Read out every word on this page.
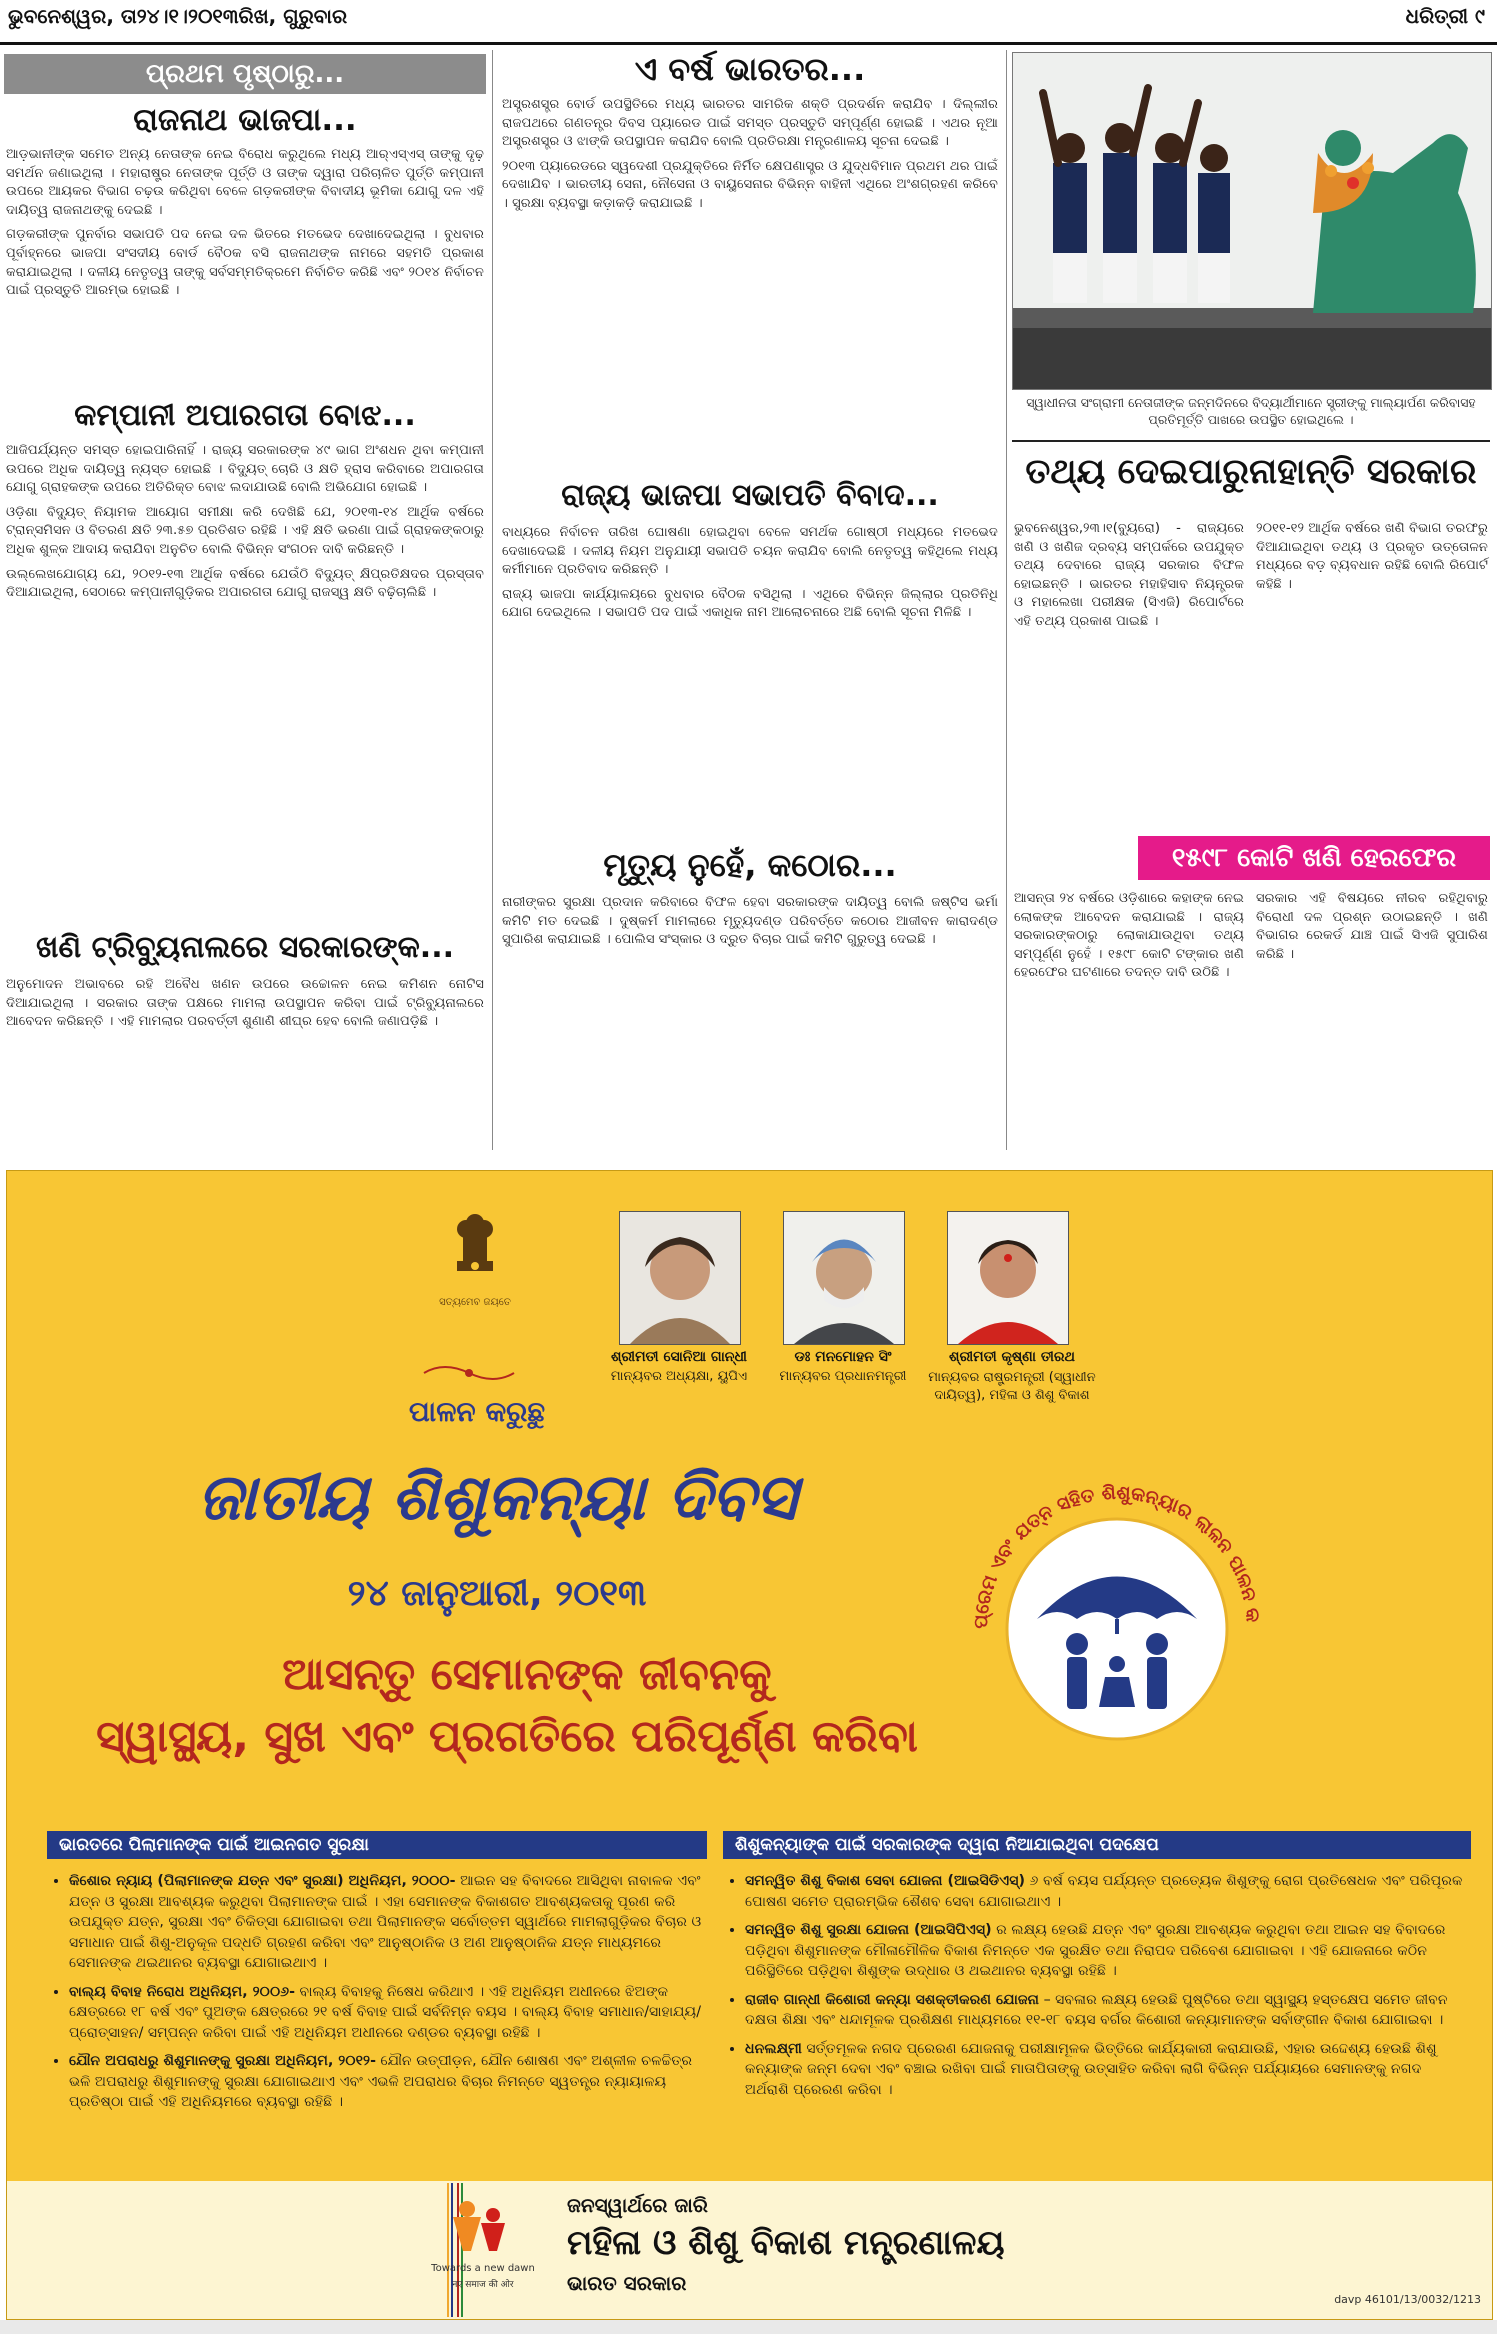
ଭୁବନେଶ୍ୱର, ତା୨୪।୧।୨୦୧୩ରିଖ, ଗୁରୁବାର	ଧରିତ୍ରୀ ୯
ପ୍ରଥମ ପୃଷ୍ଠାରୁ...
ରାଜନାଥ ଭାଜପା...

ଆଡ଼ଭାନୀଙ୍କ ସମେତ ଅନ୍ୟ ନେତାଙ୍କ ନେଇ ବିରୋଧ କରୁଥିଲେ ମଧ୍ୟ ଆର୍‌ଏସ୍‌ଏସ୍ ତାଙ୍କୁ ଦୃଢ଼ ସମର୍ଥନ ଜଣାଇଥିଲା । ମହାରାଷ୍ଟ୍ର ନେତାଙ୍କ ପୂର୍ତ୍ତି ଓ ତାଙ୍କ ଦ୍ୱାରା ପରିଚାଳିତ ପୁର୍ତ୍ତି କମ୍ପାନୀ ଉପରେ ଆୟକର ବିଭାଗ ଚଢ଼ଉ କରିଥିବା ବେଳେ ଗଡ଼କରୀଙ୍କ ବିବାଦୀୟ ଭୂମିକା ଯୋଗୁ ଦଳ ଏହି ଦାୟିତ୍ୱ ରାଜନାଥଙ୍କୁ ଦେଇଛି ।

ଗଡ଼କରୀଙ୍କ ପୁନର୍ବାର ସଭାପତି ପଦ ନେଇ ଦଳ ଭିତରେ ମତଭେଦ ଦେଖାଦେଇଥିଲା । ବୁଧବାର ପୂର୍ବାହ୍ନରେ ଭାଜପା ସଂସଦୀୟ ବୋର୍ଡ ବୈଠକ ବସି ରାଜନାଥଙ୍କ ନାମରେ ସହମତି ପ୍ରକାଶ କରାଯାଇଥିଲା । ଦଳୀୟ ନେତୃତ୍ୱ ତାଙ୍କୁ ସର୍ବସମ୍ମତିକ୍ରମେ ନିର୍ବାଚିତ କରିଛି ଏବଂ ୨୦୧୪ ନିର୍ବାଚନ ପାଇଁ ପ୍ରସ୍ତୁତି ଆରମ୍ଭ ହୋଇଛି ।

କମ୍ପାନୀ ଅପାରଗତା ବୋଝ...

ଆଜିପର୍ଯ୍ୟନ୍ତ ସମସ୍ତ ହୋଇପାରିନାହିଁ । ରାଜ୍ୟ ସରକାରଙ୍କ ୪୯ ଭାଗ ଅଂଶଧନ ଥିବା କମ୍ପାନୀ ଉପରେ ଅଧିକ ଦାୟିତ୍ୱ ନ୍ୟସ୍ତ ହୋଇଛି । ବିଦ୍ୟୁତ୍ ଚୋରି ଓ କ୍ଷତି ହ୍ରାସ କରିବାରେ ଅପାରଗତା ଯୋଗୁ ଗ୍ରାହକଙ୍କ ଉପରେ ଅତିରିକ୍ତ ବୋଝ ଲଦାଯାଉଛି ବୋଲି ଅଭିଯୋଗ ହୋଇଛି ।

ଓଡ଼ିଶା ବିଦ୍ୟୁତ୍ ନିୟାମକ ଆୟୋଗ ସମୀକ୍ଷା କରି ଦେଖିଛି ଯେ, ୨୦୧୩-୧୪ ଆର୍ଥିକ ବର୍ଷରେ ଟ୍ରାନ୍ସମିସନ ଓ ବିତରଣ କ୍ଷତି ୨୩.୫୭ ପ୍ରତିଶତ ରହିଛି । ଏହି କ୍ଷତି ଭରଣା ପାଇଁ ଗ୍ରାହକଙ୍କଠାରୁ ଅଧିକ ଶୁଳ୍କ ଆଦାୟ କରାଯିବା ଅନୁଚିତ ବୋଲି ବିଭିନ୍ନ ସଂଗଠନ ଦାବି କରିଛନ୍ତି ।

ଉଲ୍ଲେଖଯୋଗ୍ୟ ଯେ, ୨୦୧୨-୧୩ ଆର୍ଥିକ ବର୍ଷରେ ଯେଉଁଠି ବିଦ୍ୟୁତ୍ କ୍ଷିପ୍ରତିକ୍ଷଦର ପ୍ରସ୍ତାବ ଦିଆଯାଇଥିଲା, ସେଠାରେ କମ୍ପାନୀଗୁଡ଼ିକର ଅପାରଗତା ଯୋଗୁ ରାଜସ୍ୱ କ୍ଷତି ବଢ଼ିଚାଲିଛି ।

ଖଣି ଟ୍ରିବ୍ୟୁନାଲରେ ସରକାରଙ୍କ...

ଅନୁମୋଦନ ଅଭାବରେ ରହି ଅବୈଧ ଖଣନ ଉପରେ ଉଚ୍ଚୋଳନ ନେଇ କମିଶନ ନୋଟିସ ଦିଆଯାଇଥିଲା । ସରକାର ତାଙ୍କ ପକ୍ଷରେ ମାମଲା ଉପସ୍ଥାପନ କରିବା ପାଇଁ ଟ୍ରିବ୍ୟୁନାଲରେ ଆବେଦନ କରିଛନ୍ତି । ଏହି ମାମଲାର ପରବର୍ତ୍ତୀ ଶୁଣାଣି ଶୀଘ୍ର ହେବ ବୋଲି ଜଣାପଡ଼ିଛି ।

ଏ ବର୍ଷ ଭାରତର...

ଅସ୍ତ୍ରଶସ୍ତ୍ର ବୋର୍ଡ ଉପସ୍ଥିତିରେ ମଧ୍ୟ ଭାରତର ସାମରିକ ଶକ୍ତି ପ୍ରଦର୍ଶନ କରାଯିବ । ଦିଲ୍ଲୀର ରାଜପଥରେ ଗଣତନ୍ତ୍ର ଦିବସ ପ୍ୟାରେଡ ପାଇଁ ସମସ୍ତ ପ୍ରସ୍ତୁତି ସମ୍ପୂର୍ଣ୍ଣ ହୋଇଛି । ଏଥର ନୂଆ ଅସ୍ତ୍ରଶସ୍ତ୍ର ଓ ଝାଙ୍କି ଉପସ୍ଥାପନ କରାଯିବ ବୋଲି ପ୍ରତିରକ୍ଷା ମନ୍ତ୍ରଣାଳୟ ସୂଚନା ଦେଇଛି ।

୨୦୧୩ ପ୍ୟାରେଡରେ ସ୍ୱଦେଶୀ ପ୍ରଯୁକ୍ତିରେ ନିର୍ମିତ କ୍ଷେପଣାସ୍ତ୍ର ଓ ଯୁଦ୍ଧବିମାନ ପ୍ରଥମ ଥର ପାଇଁ ଦେଖାଯିବ । ଭାରତୀୟ ସେନା, ନୌସେନା ଓ ବାୟୁସେନାର ବିଭିନ୍ନ ବାହିନୀ ଏଥିରେ ଅଂଶଗ୍ରହଣ କରିବେ । ସୁରକ୍ଷା ବ୍ୟବସ୍ଥା କଡ଼ାକଡ଼ି କରାଯାଇଛି ।

ରାଜ୍ୟ ଭାଜପା ସଭାପତି ବିବାଦ...

ବାଧ୍ୟରେ ନିର୍ବାଚନ ତାରିଖ ଘୋଷଣା ହୋଇଥିବା ବେଳେ ସମର୍ଥକ ଗୋଷ୍ଠୀ ମଧ୍ୟରେ ମତଭେଦ ଦେଖାଦେଇଛି । ଦଳୀୟ ନିୟମ ଅନୁଯାୟୀ ସଭାପତି ଚୟନ କରାଯିବ ବୋଲି ନେତୃତ୍ୱ କହିଥିଲେ ମଧ୍ୟ କର୍ମୀମାନେ ପ୍ରତିବାଦ କରିଛନ୍ତି ।

ରାଜ୍ୟ ଭାଜପା କାର୍ଯ୍ୟାଳୟରେ ବୁଧବାର ବୈଠକ ବସିଥିଲା । ଏଥିରେ ବିଭିନ୍ନ ଜିଲ୍ଲାର ପ୍ରତିନିଧି ଯୋଗ ଦେଇଥିଲେ । ସଭାପତି ପଦ ପାଇଁ ଏକାଧିକ ନାମ ଆଲୋଚନାରେ ଅଛି ବୋଲି ସୂଚନା ମିଳିଛି ।

ମୃତ୍ୟୁ ନୁହେଁ, କଠୋର...

ନାରୀଙ୍କର ସୁରକ୍ଷା ପ୍ରଦାନ କରିବାରେ ବିଫଳ ହେବା ସରକାରଙ୍କ ଦାୟିତ୍ୱ ବୋଲି ଜଷ୍ଟିସ ଭର୍ମା କମିଟି ମତ ଦେଇଛି । ଦୁଷ୍କର୍ମ ମାମଲାରେ ମୃତ୍ୟୁଦଣ୍ଡ ପରିବର୍ତ୍ତେ କଠୋର ଆଜୀବନ କାରାଦଣ୍ଡ ସୁପାରିଶ କରାଯାଇଛି । ପୋଲିସ ସଂସ୍କାର ଓ ଦ୍ରୁତ ବିଚାର ପାଇଁ କମିଟି ଗୁରୁତ୍ୱ ଦେଇଛି ।

ସ୍ୱାଧୀନତା ସଂଗ୍ରାମୀ ନେତାଜୀଙ୍କ ଜନ୍ମଦିନରେ ବିଦ୍ୟାର୍ଥୀମାନେ ସ୍ତ୍ରୀଙ୍କୁ ମାଲ୍ୟାର୍ପଣ କରିବାସହ ପ୍ରତିମୂର୍ତ୍ତି ପାଖରେ ଉପସ୍ଥିତ ହୋଇଥିଲେ ।
ତଥ୍ୟ ଦେଇପାରୁନାହାନ୍ତି ସରକାର

ଭୁବନେଶ୍ୱର,୨୩।୧(ବ୍ୟୁରୋ) - ରାଜ୍ୟରେ ଖଣି ଓ ଖଣିଜ ଦ୍ରବ୍ୟ ସମ୍ପର୍କରେ ଉପଯୁକ୍ତ ତଥ୍ୟ ଦେବାରେ ରାଜ୍ୟ ସରକାର ବିଫଳ ହୋଇଛନ୍ତି । ଭାରତର ମହାହିସାବ ନିୟନ୍ତ୍ରକ ଓ ମହାଲେଖା ପରୀକ୍ଷକ (ସିଏଜି) ରିପୋର୍ଟରେ ଏହି ତଥ୍ୟ ପ୍ରକାଶ ପାଇଛି ।

୨୦୧୧-୧୨ ଆର୍ଥିକ ବର୍ଷରେ ଖଣି ବିଭାଗ ତରଫରୁ ଦିଆଯାଇଥିବା ତଥ୍ୟ ଓ ପ୍ରକୃତ ଉତ୍ତୋଳନ ମଧ୍ୟରେ ବଡ଼ ବ୍ୟବଧାନ ରହିଛି ବୋଲି ରିପୋର୍ଟ କହିଛି ।

୧୫୯୮ କୋଟି ଖଣି ହେରଫେର

ଆସନ୍ତା ୨୪ ବର୍ଷରେ ଓଡ଼ିଶାରେ କହାଙ୍କ ନେଇ ଲୋକଙ୍କ ଆବେଦନ କରାଯାଇଛି । ରାଜ୍ୟ ସରକାରଙ୍କଠାରୁ ଲୋକାଯାଉଥିବା ତଥ୍ୟ ସମ୍ପୂର୍ଣ୍ଣ ନୁହେଁ । ୧୫୯୮ କୋଟି ଟଙ୍କାର ଖଣି ହେରଫେର ଘଟଣାରେ ତଦନ୍ତ ଦାବି ଉଠିଛି ।

ସରକାର ଏହି ବିଷୟରେ ନୀରବ ରହିଥିବାରୁ ବିରୋଧୀ ଦଳ ପ୍ରଶ୍ନ ଉଠାଇଛନ୍ତି । ଖଣି ବିଭାଗର ରେକର୍ଡ ଯାଞ୍ଚ ପାଇଁ ସିଏଜି ସୁପାରିଶ କରିଛି ।

ସତ୍ୟମେବ ଜୟତେ
ପାଳନ କରୁଛୁ
ଜାତୀୟ ଶିଶୁକନ୍ୟା ଦିବସ
୨୪ ଜାନୁଆରୀ, ୨୦୧୩
ଆସନ୍ତୁ ସେମାନଙ୍କ ଜୀବନକୁ
ସ୍ୱାସ୍ଥ୍ୟ, ସୁଖ ଏବଂ ପ୍ରଗତିରେ ପରିପୂର୍ଣ୍ଣ କରିବା
ଶ୍ରୀମତୀ ସୋନିଆ ଗାନ୍ଧୀ
ମାନ୍ୟବର ଅଧ୍ୟକ୍ଷା, ୟୁପିଏ
ଡଃ ମନମୋହନ ସିଂ
ମାନ୍ୟବର ପ୍ରଧାନମନ୍ତ୍ରୀ
ଶ୍ରୀମତୀ କୃଷ୍ଣା ତୀରଥ
ମାନ୍ୟବର ରାଷ୍ଟ୍ରମନ୍ତ୍ରୀ (ସ୍ୱାଧୀନ ଦାୟିତ୍ୱ), ମହିଳା ଓ ଶିଶୁ ବିକାଶ
ପ୍ରେମ ଏବଂ ଯତ୍ନ ସହିତ ଶିଶୁକନ୍ୟାର ଲାଳନ ପାଳନ କ
ଭାରତରେ ପିଲାମାନଙ୍କ ପାଇଁ ଆଇନଗତ ସୁରକ୍ଷା
• କିଶୋର ନ୍ୟାୟ (ପିଲାମାନଙ୍କ ଯତ୍ନ ଏବଂ ସୁରକ୍ଷା) ଅଧିନିୟମ, ୨୦୦୦- ଆଇନ ସହ ବିବାଦରେ ଆସିଥିବା ନାବାଳକ ଏବଂ ଯତ୍ନ ଓ ସୁରକ୍ଷା ଆବଶ୍ୟକ କରୁଥିବା ପିଲାମାନଙ୍କ ପାଇଁ । ଏହା ସେମାନଙ୍କ ବିକାଶଗତ ଆବଶ୍ୟକତାକୁ ପୂରଣ କରି ଉପଯୁକ୍ତ ଯତ୍ନ, ସୁରକ୍ଷା ଏବଂ ଚିକିତ୍ସା ଯୋଗାଇବା ତଥା ପିଲାମାନଙ୍କ ସର୍ବୋତ୍ତମ ସ୍ୱାର୍ଥରେ ମାମଲାଗୁଡ଼ିକର ବିଚାର ଓ ସମାଧାନ ପାଇଁ ଶିଶୁ-ଅନୁକୂଳ ପଦ୍ଧତି ଗ୍ରହଣ କରିବା ଏବଂ ଆନୁଷ୍ଠାନିକ ଓ ଅଣ ଆନୁଷ୍ଠାନିକ ଯତ୍ନ ମାଧ୍ୟମରେ ସେମାନଙ୍କ ଥଇଥାନର ବ୍ୟବସ୍ଥା ଯୋଗାଇଥାଏ ।
• ବାଲ୍ୟ ବିବାହ ନିରୋଧ ଅଧିନିୟମ, ୨୦୦୬- ବାଲ୍ୟ ବିବାହକୁ ନିଷେଧ କରିଥାଏ । ଏହି ଅଧିନିୟମ ଅଧୀନରେ ଝିଅଙ୍କ କ୍ଷେତ୍ରରେ ୧୮ ବର୍ଷ ଏବଂ ପୁଅଙ୍କ କ୍ଷେତ୍ରରେ ୨୧ ବର୍ଷ ବିବାହ ପାଇଁ ସର୍ବନିମ୍ନ ବୟସ । ବାଲ୍ୟ ବିବାହ ସମାଧାନ/ସାହାଯ୍ୟ/ପ୍ରୋତ୍ସାହନ/ ସମ୍ପନ୍ନ କରିବା ପାଇଁ ଏହି ଅଧିନିୟମ ଅଧୀନରେ ଦଣ୍ଡର ବ୍ୟବସ୍ଥା ରହିଛି ।
• ଯୌନ ଅପରାଧରୁ ଶିଶୁମାନଙ୍କୁ ସୁରକ୍ଷା ଅଧିନିୟମ, ୨୦୧୨- ଯୌନ ଉତ୍ପୀଡ଼ନ, ଯୌନ ଶୋଷଣ ଏବଂ ଅଶ୍ଳୀଳ ଚଳଚ୍ଚିତ୍ର ଭଳି ଅପରାଧରୁ ଶିଶୁମାନଙ୍କୁ ସୁରକ୍ଷା ଯୋଗାଇଥାଏ ଏବଂ ଏଭଳି ଅପରାଧର ବିଚାର ନିମନ୍ତେ ସ୍ୱତନ୍ତ୍ର ନ୍ୟାୟାଳୟ ପ୍ରତିଷ୍ଠା ପାଇଁ ଏହି ଅଧିନିୟମରେ ବ୍ୟବସ୍ଥା ରହିଛି ।
ଶିଶୁକନ୍ୟାଙ୍କ ପାଇଁ ସରକାରଙ୍କ ଦ୍ୱାରା ନିଆଯାଇଥିବା ପଦକ୍ଷେପ
• ସମନ୍ୱିତ ଶିଶୁ ବିକାଶ ସେବା ଯୋଜନା (ଆଇସିଡିଏସ୍) ୬ ବର୍ଷ ବୟସ ପର୍ଯ୍ୟନ୍ତ ପ୍ରତ୍ୟେକ ଶିଶୁଙ୍କୁ ରୋଗ ପ୍ରତିଷେଧକ ଏବଂ ପରିପୂରକ ପୋଷଣ ସମେତ ପ୍ରାରମ୍ଭିକ ଶୈଶବ ସେବା ଯୋଗାଇଥାଏ ।
• ସମନ୍ୱିତ ଶିଶୁ ସୁରକ୍ଷା ଯୋଜନା (ଆଇସିପିଏସ୍) ର ଲକ୍ଷ୍ୟ ହେଉଛି ଯତ୍ନ ଏବଂ ସୁରକ୍ଷା ଆବଶ୍ୟକ କରୁଥିବା ତଥା ଆଇନ ସହ ବିବାଦରେ ପଡ଼ିଥିବା ଶିଶୁମାନଙ୍କ ମୌଳାମୌଳିକ ବିକାଶ ନିମନ୍ତେ ଏକ ସୁରକ୍ଷିତ ତଥା ନିରାପଦ ପରିବେଶ ଯୋଗାଇବା । ଏହି ଯୋଜନାରେ କଠିନ ପରିସ୍ଥିତିରେ ପଡ଼ିଥିବା ଶିଶୁଙ୍କ ଉଦ୍ଧାର ଓ ଥଇଥାନର ବ୍ୟବସ୍ଥା ରହିଛି ।
• ରାଜୀବ ଗାନ୍ଧୀ କିଶୋରୀ କନ୍ୟା ସଶକ୍ତୀକରଣ ଯୋଜନା – ସବଳାର ଲକ୍ଷ୍ୟ ହେଉଛି ପୁଷ୍ଟିରେ ତଥା ସ୍ୱାସ୍ଥ୍ୟ ହସ୍ତକ୍ଷେପ ସମେତ ଜୀବନ ଦକ୍ଷତା ଶିକ୍ଷା ଏବଂ ଧନ୍ଦାମୂଳକ ପ୍ରଶିକ୍ଷଣ ମାଧ୍ୟମରେ ୧୧-୧୮ ବୟସ ବର୍ଗର କିଶୋରୀ କନ୍ୟାମାନଙ୍କ ସର୍ବାଙ୍ଗୀନ ବିକାଶ ଯୋଗାଇବା ।
• ଧନଲକ୍ଷ୍ମୀ ସର୍ତ୍ତମୂଳକ ନଗଦ ପ୍ରେରଣ ଯୋଜନାକୁ ପରୀକ୍ଷାମୂଳକ ଭିତ୍ତିରେ କାର୍ଯ୍ୟକାରୀ କରାଯାଉଛି, ଏହାର ଉଦ୍ଦେଶ୍ୟ ହେଉଛି ଶିଶୁ କନ୍ୟାଙ୍କ ଜନ୍ମ ଦେବା ଏବଂ ବଞ୍ଚାଇ ରଖିବା ପାଇଁ ମାତାପିତାଙ୍କୁ ଉତ୍ସାହିତ କରିବା ଲାଗି ବିଭିନ୍ନ ପର୍ଯ୍ୟାୟରେ ସେମାନଙ୍କୁ ନଗଦ ଅର୍ଥରାଶି ପ୍ରେରଣ କରିବା ।
Towards a new dawn
नए समाज की ओर
ଜନସ୍ୱାର୍ଥରେ ଜାରି
ମହିଳା ଓ ଶିଶୁ ବିକାଶ ମନ୍ତ୍ରଣାଳୟ
ଭାରତ ସରକାର
davp 46101/13/0032/1213
